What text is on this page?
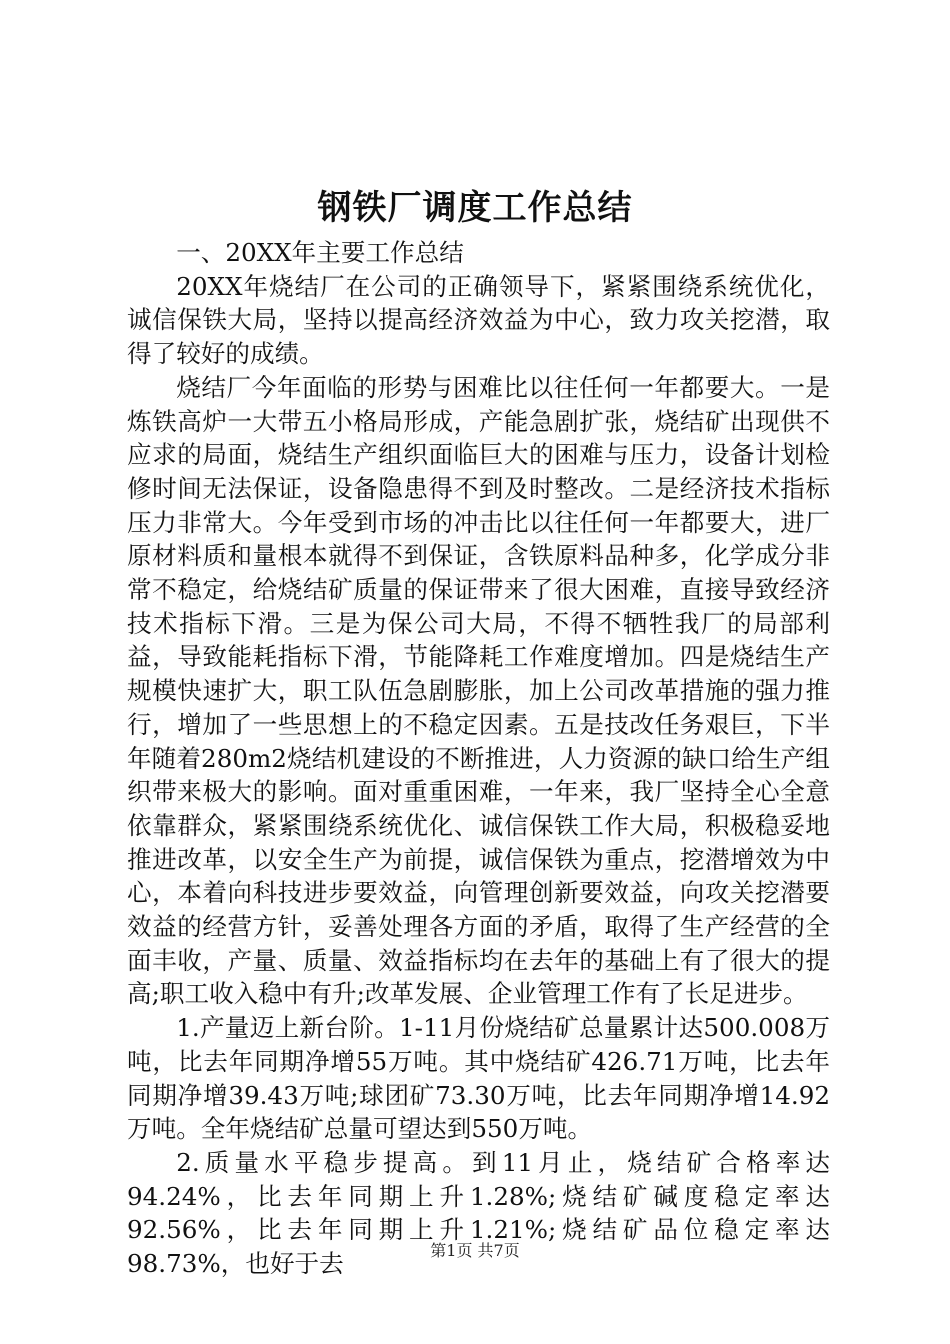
钢铁厂调度工作总结

一、20XX年主要工作总结

20XX年烧结厂在公司的正确领导下，紧紧围绕系统优化，诚信保铁大局，坚持以提高经济效益为中心，致力攻关挖潜，取得了较好的成绩。

烧结厂今年面临的形势与困难比以往任何一年都要大。一是炼铁高炉一大带五小格局形成，产能急剧扩张，烧结矿出现供不应求的局面，烧结生产组织面临巨大的困难与压力，设备计划检修时间无法保证，设备隐患得不到及时整改。二是经济技术指标压力非常大。今年受到市场的冲击比以往任何一年都要大，进厂原材料质和量根本就得不到保证，含铁原料品种多，化学成分非常不稳定，给烧结矿质量的保证带来了很大困难，直接导致经济技术指标下滑。三是为保公司大局，不得不牺牲我厂的局部利益，导致能耗指标下滑，节能降耗工作难度增加。四是烧结生产规模快速扩大，职工队伍急剧膨胀，加上公司改革措施的强力推行，增加了一些思想上的不稳定因素。五是技改任务艰巨，下半年随着280m2烧结机建设的不断推进，人力资源的缺口给生产组织带来极大的影响。面对重重困难，一年来，我厂坚持全心全意依靠群众，紧紧围绕系统优化、诚信保铁工作大局，积极稳妥地推进改革，以安全生产为前提，诚信保铁为重点，挖潜增效为中心，本着向科技进步要效益，向管理创新要效益，向攻关挖潜要效益的经营方针，妥善处理各方面的矛盾，取得了生产经营的全面丰收，产量、质量、效益指标均在去年的基础上有了很大的提高;职工收入稳中有升;改革发展、企业管理工作有了长足进步。

1.产量迈上新台阶。1-11月份烧结矿总量累计达500.008万吨，比去年同期净增55万吨。其中烧结矿426.71万吨，比去年同期净增39.43万吨;球团矿73.30万吨，比去年同期净增14.92万吨。全年烧结矿总量可望达到550万吨。

2.质量水平稳步提高。到11月止，烧结矿合格率达94.24%，比去年同期上升1.28%;烧结矿碱度稳定率达92.56%，比去年同期上升1.21%;烧结矿品位稳定率达98.73%，也好于去	第1页 共7页
